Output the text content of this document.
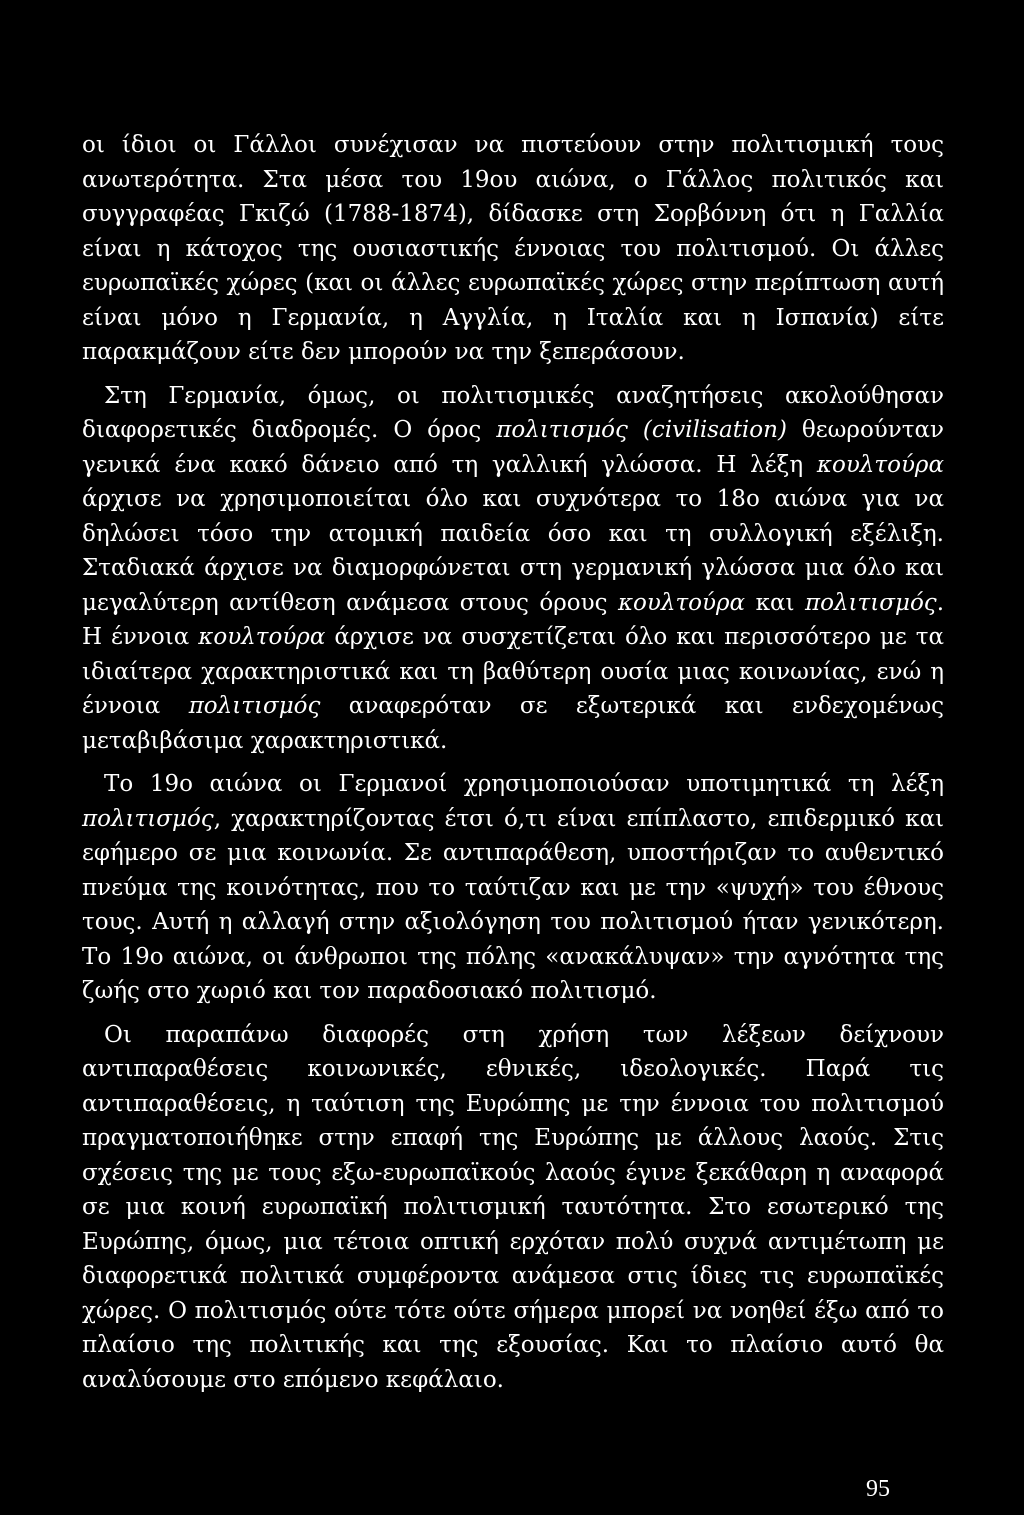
οι ίδιοι οι Γάλλοι συνέχισαν να πιστεύουν στην πολιτισμική τους ανωτερότητα. Στα μέσα του 19ου αιώνα, ο Γάλλος πολιτικός και συγγραφέας Γκιζώ (1788-1874), δίδασκε στη Σορβόννη ότι η Γαλλία είναι η κάτοχος της ουσιαστικής έννοιας του πολιτισμού. Οι άλλες ευρωπαϊκές χώρες (και οι άλλες ευρωπαϊκές χώρες στην περίπτωση αυτή είναι μόνο η Γερμανία, η Αγγλία, η Ιταλία και η Ισπανία) είτε παρακμάζουν είτε δεν μπορούν να την ξεπεράσουν.

Στη Γερμανία, όμως, οι πολιτισμικές αναζητήσεις ακολούθησαν διαφορετικές διαδρομές. Ο όρος πολιτισμός (civilisation) θεωρούνταν γενικά ένα κακό δάνειο από τη γαλλική γλώσσα. Η λέξη κουλτούρα άρχισε να χρησιμοποιείται όλο και συχνότερα το 18ο αιώνα για να δηλώσει τόσο την ατομική παιδεία όσο και τη συλλογική εξέλιξη. Σταδιακά άρχισε να διαμορφώνεται στη γερμανική γλώσσα μια όλο και μεγαλύτερη αντίθεση ανάμεσα στους όρους κουλτούρα και πολιτισμός. Η έννοια κουλτούρα άρχισε να συσχετίζεται όλο και περισσότερο με τα ιδιαίτερα χαρακτηριστικά και τη βαθύτερη ουσία μιας κοινωνίας, ενώ η έννοια πολιτισμός αναφερόταν σε εξωτερικά και ενδεχομένως μεταβιβάσιμα χαρακτηριστικά.

Το 19ο αιώνα οι Γερμανοί χρησιμοποιούσαν υποτιμητικά τη λέξη πολιτισμός, χαρακτηρίζοντας έτσι ό,τι είναι επίπλαστο, επιδερμικό και εφήμερο σε μια κοινωνία. Σε αντιπαράθεση, υποστήριζαν το αυθεντικό πνεύμα της κοινότητας, που το ταύτιζαν και με την «ψυχή» του έθνους τους. Αυτή η αλλαγή στην αξιολόγηση του πολιτισμού ήταν γενικότερη. Το 19ο αιώνα, οι άνθρωποι της πόλης «ανακάλυψαν» την αγνότητα της ζωής στο χωριό και τον παραδοσιακό πολιτισμό.

Οι παραπάνω διαφορές στη χρήση των λέξεων δείχνουν αντιπαραθέσεις κοινωνικές, εθνικές, ιδεολογικές. Παρά τις αντιπαραθέσεις, η ταύτιση της Ευρώπης με την έννοια του πολιτισμού πραγματοποιήθηκε στην επαφή της Ευρώπης με άλλους λαούς. Στις σχέσεις της με τους εξω-ευρωπαϊκούς λαούς έγινε ξεκάθαρη η αναφορά σε μια κοινή ευρωπαϊκή πολιτισμική ταυτότητα. Στο εσωτερικό της Ευρώπης, όμως, μια τέτοια οπτική ερχόταν πολύ συχνά αντιμέτωπη με διαφορετικά πολιτικά συμφέροντα ανάμεσα στις ίδιες τις ευρωπαϊκές χώρες. Ο πολιτισμός ούτε τότε ούτε σήμερα μπορεί να νοηθεί έξω από το πλαίσιο της πολιτικής και της εξουσίας. Και το πλαίσιο αυτό θα αναλύσουμε στο επόμενο κεφάλαιο.

95
